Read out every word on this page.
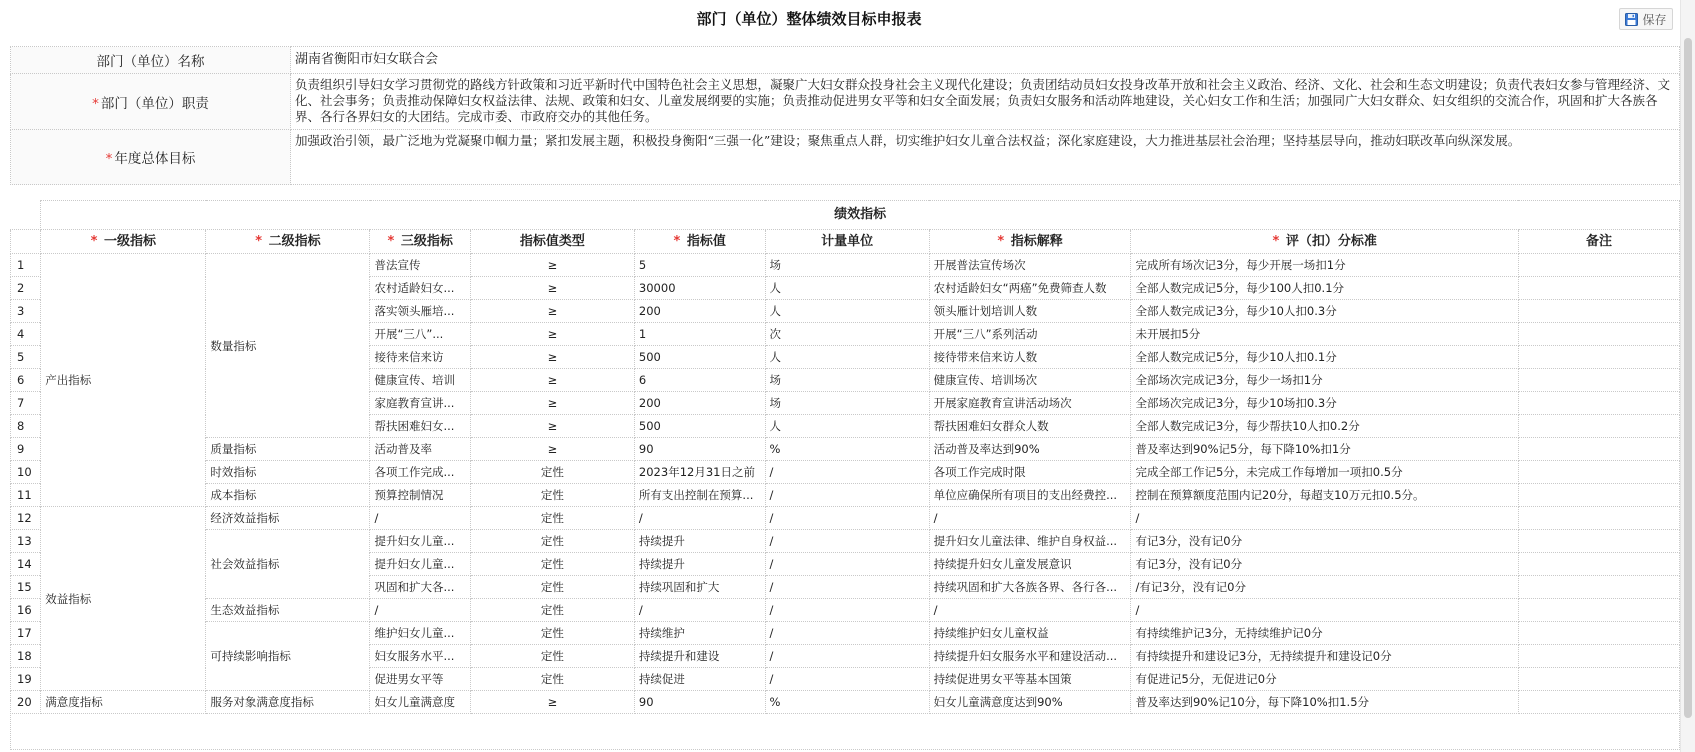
部门（单位）整体绩效目标申报表	保存
部门（单位）名称	湖南省衡阳市妇女联合会
* 部门（单位）职责	负责组织引导妇女学习贯彻党的路线方针政策和习近平新时代中国特色社会主义思想，凝聚广大妇女群众投身社会主义现代化建设；负责团结动员妇女投身改革开放和社会主义政治、经济、文化、社会和生态文明建设；负责代表妇女参与管理经济、文化、社会事务；负责推动保障妇女权益法律、法规、政策和妇女、儿童发展纲要的实施；负责推动促进男女平等和妇女全面发展；负责妇女服务和活动阵地建设，关心妇女工作和生活；加强同广大妇女群众、妇女组织的交流合作，巩固和扩大各族各界、各行各界妇女的大团结。完成市委、市政府交办的其他任务。
* 年度总体目标	加强政治引领，最广泛地为党凝聚巾帼力量；紧扣发展主题，积极投身衡阳“三强一化”建设；聚焦重点人群，切实维护妇女儿童合法权益；深化家庭建设，大力推进基层社会治理；坚持基层导向，推动妇联改革向纵深发展。
	绩效指标								
	* 一级指标	* 二级指标	* 三级指标	指标值类型	* 指标值	计量单位	* 指标解释	* 评（扣）分标准	备注
1	产出指标	数量指标	普法宣传	≥	5	场	开展普法宣传场次	完成所有场次记3分，每少开展一场扣1分	
2			农村适龄妇女...	≥	30000	人	农村适龄妇女“两癌”免费筛查人数	全部人数完成记5分，每少100人扣0.1分	
3			落实领头雁培...	≥	200	人	领头雁计划培训人数	全部人数完成记3分，每少10人扣0.3分	
4			开展“三八”...	≥	1	次	开展“三八”系列活动	未开展扣5分	
5			接待来信来访	≥	500	人	接待带来信来访人数	全部人数完成记5分，每少10人扣0.1分	
6			健康宣传、培训	≥	6	场	健康宣传、培训场次	全部场次完成记3分，每少一场扣1分	
7			家庭教育宣讲...	≥	200	场	开展家庭教育宣讲活动场次	全部场次完成记3分，每少10场扣0.3分	
8			帮扶困难妇女...	≥	500	人	帮扶困难妇女群众人数	全部人数完成记3分，每少帮扶10人扣0.2分	
9		质量指标	活动普及率	≥	90	%	活动普及率达到90%	普及率达到90%记5分，每下降10%扣1分	
10		时效指标	各项工作完成...	定性	2023年12月31日之前	/	各项工作完成时限	完成全部工作记5分，未完成工作每增加一项扣0.5分	
11		成本指标	预算控制情况	定性	所有支出控制在预算...	/	单位应确保所有项目的支出经费控...	控制在预算额度范围内记20分，每超支10万元扣0.5分。	
12	效益指标	经济效益指标	/	定性	/	/	/	/	
13		社会效益指标	提升妇女儿童...	定性	持续提升	/	提升妇女儿童法律、维护自身权益...	有记3分，没有记0分	
14			提升妇女儿童...	定性	持续提升	/	持续提升妇女儿童发展意识	有记3分，没有记0分	
15			巩固和扩大各...	定性	持续巩固和扩大	/	持续巩固和扩大各族各界、各行各...	/有记3分，没有记0分	
16		生态效益指标	/	定性	/	/	/	/	
17		可持续影响指标	维护妇女儿童...	定性	持续维护	/	持续维护妇女儿童权益	有持续维护记3分，无持续维护记0分	
18			妇女服务水平...	定性	持续提升和建设	/	持续提升妇女服务水平和建设活动...	有持续提升和建设记3分，无持续提升和建设记0分	
19			促进男女平等	定性	持续促进	/	持续促进男女平等基本国策	有促进记5分，无促进记0分	
20	满意度指标	服务对象满意度指标	妇女儿童满意度	≥	90	%	妇女儿童满意度达到90%	普及率达到90%记10分，每下降10%扣1.5分	
